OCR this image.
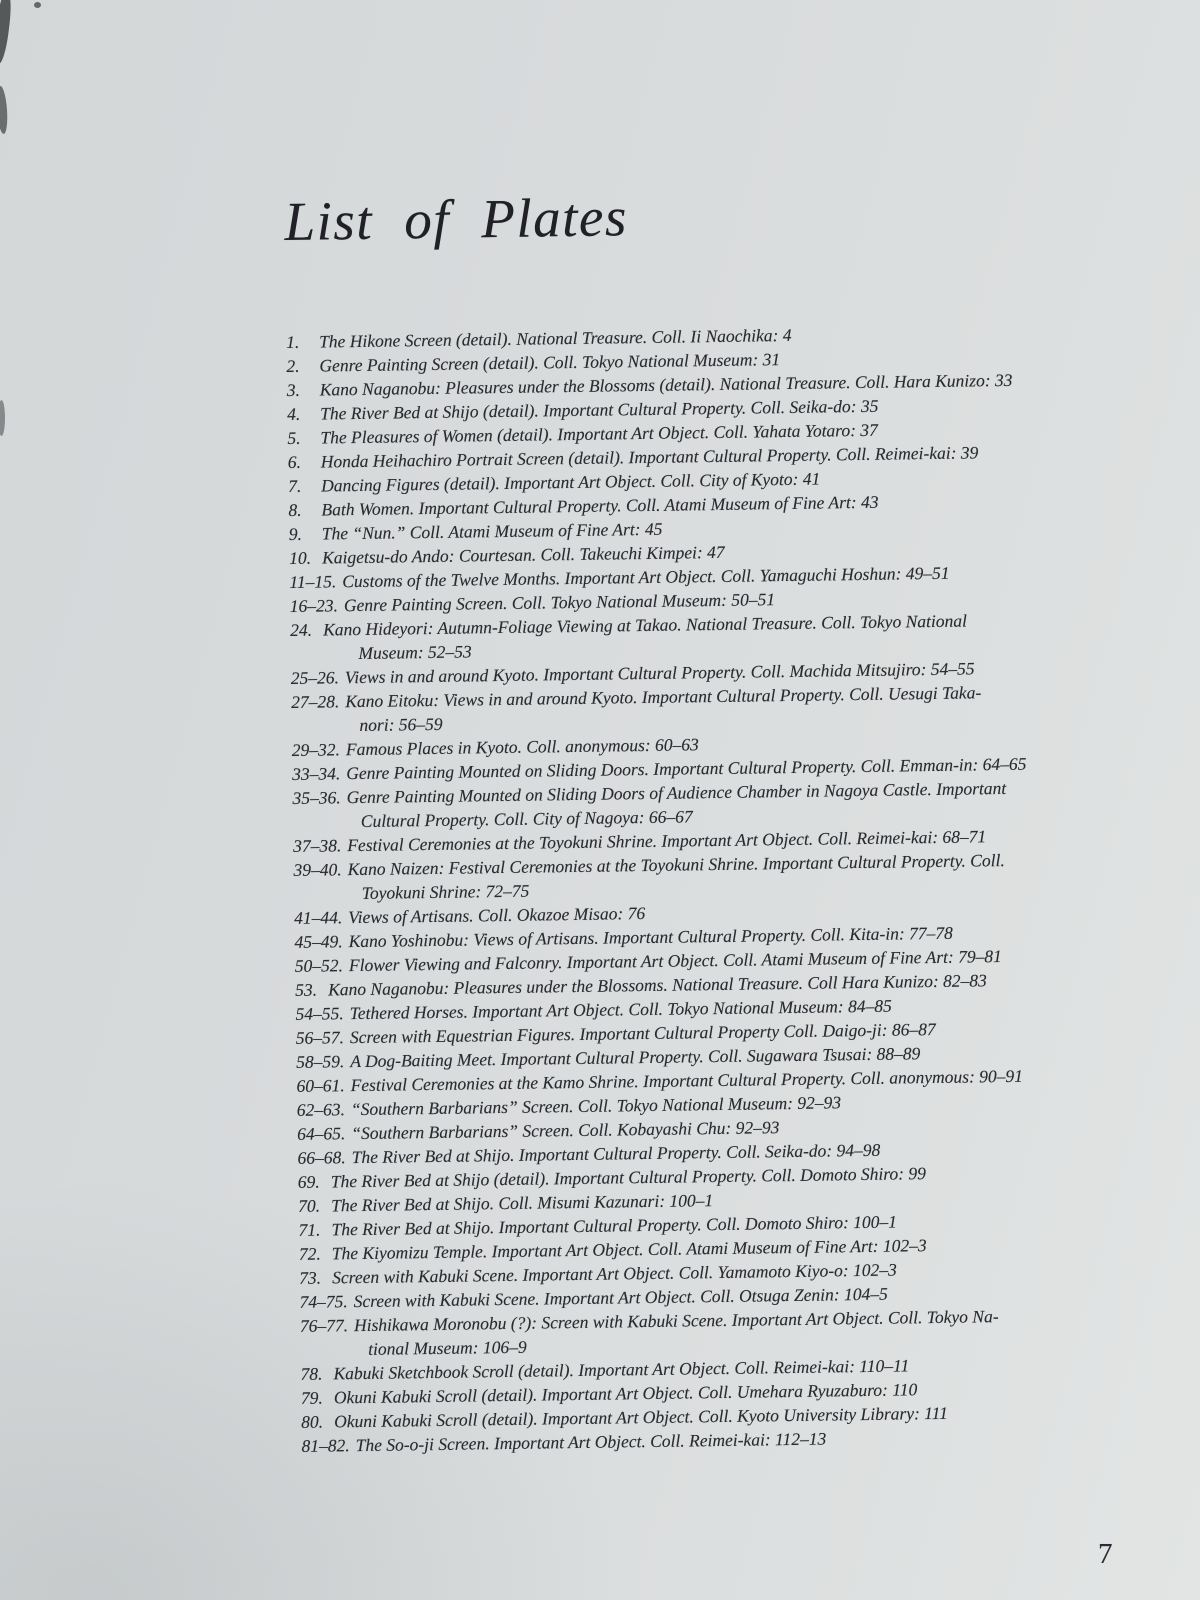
List of Plates
1. The Hikone Screen (detail). National Treasure. Coll. Ii Naochika: 4
2. Genre Painting Screen (detail). Coll. Tokyo National Museum: 31
3. Kano Naganobu: Pleasures under the Blossoms (detail). National Treasure. Coll. Hara Kunizo: 33
4. The River Bed at Shijo (detail). Important Cultural Property. Coll. Seika-do: 35
5. The Pleasures of Women (detail). Important Art Object. Coll. Yahata Yotaro: 37
6. Honda Heihachiro Portrait Screen (detail). Important Cultural Property. Coll. Reimei-kai: 39
7. Dancing Figures (detail). Important Art Object. Coll. City of Kyoto: 41
8. Bath Women. Important Cultural Property. Coll. Atami Museum of Fine Art: 43
9. The “Nun.” Coll. Atami Museum of Fine Art: 45
10. Kaigetsu-do Ando: Courtesan. Coll. Takeuchi Kimpei: 47
11–15. Customs of the Twelve Months. Important Art Object. Coll. Yamaguchi Hoshun: 49–51
16–23. Genre Painting Screen. Coll. Tokyo National Museum: 50–51
24. Kano Hideyori: Autumn-Foliage Viewing at Takao. National Treasure. Coll. Tokyo National
Museum: 52–53
25–26. Views in and around Kyoto. Important Cultural Property. Coll. Machida Mitsujiro: 54–55
27–28. Kano Eitoku: Views in and around Kyoto. Important Cultural Property. Coll. Uesugi Taka-
nori: 56–59
29–32. Famous Places in Kyoto. Coll. anonymous: 60–63
33–34. Genre Painting Mounted on Sliding Doors. Important Cultural Property. Coll. Emman-in: 64–65
35–36. Genre Painting Mounted on Sliding Doors of Audience Chamber in Nagoya Castle. Important
Cultural Property. Coll. City of Nagoya: 66–67
37–38. Festival Ceremonies at the Toyokuni Shrine. Important Art Object. Coll. Reimei-kai: 68–71
39–40. Kano Naizen: Festival Ceremonies at the Toyokuni Shrine. Important Cultural Property. Coll.
Toyokuni Shrine: 72–75
41–44. Views of Artisans. Coll. Okazoe Misao: 76
45–49. Kano Yoshinobu: Views of Artisans. Important Cultural Property. Coll. Kita-in: 77–78
50–52. Flower Viewing and Falconry. Important Art Object. Coll. Atami Museum of Fine Art: 79–81
53. Kano Naganobu: Pleasures under the Blossoms. National Treasure. Coll Hara Kunizo: 82–83
54–55. Tethered Horses. Important Art Object. Coll. Tokyo National Museum: 84–85
56–57. Screen with Equestrian Figures. Important Cultural Property Coll. Daigo-ji: 86–87
58–59. A Dog-Baiting Meet. Important Cultural Property. Coll. Sugawara Tsusai: 88–89
60–61. Festival Ceremonies at the Kamo Shrine. Important Cultural Property. Coll. anonymous: 90–91
62–63. “Southern Barbarians” Screen. Coll. Tokyo National Museum: 92–93
64–65. “Southern Barbarians” Screen. Coll. Kobayashi Chu: 92–93
66–68. The River Bed at Shijo. Important Cultural Property. Coll. Seika-do: 94–98
69. The River Bed at Shijo (detail). Important Cultural Property. Coll. Domoto Shiro: 99
70. The River Bed at Shijo. Coll. Misumi Kazunari: 100–1
71. The River Bed at Shijo. Important Cultural Property. Coll. Domoto Shiro: 100–1
72. The Kiyomizu Temple. Important Art Object. Coll. Atami Museum of Fine Art: 102–3
73. Screen with Kabuki Scene. Important Art Object. Coll. Yamamoto Kiyo-o: 102–3
74–75. Screen with Kabuki Scene. Important Art Object. Coll. Otsuga Zenin: 104–5
76–77. Hishikawa Moronobu (?): Screen with Kabuki Scene. Important Art Object. Coll. Tokyo Na-
tional Museum: 106–9
78. Kabuki Sketchbook Scroll (detail). Important Art Object. Coll. Reimei-kai: 110–11
79. Okuni Kabuki Scroll (detail). Important Art Object. Coll. Umehara Ryuzaburo: 110
80. Okuni Kabuki Scroll (detail). Important Art Object. Coll. Kyoto University Library: 111
81–82. The So-o-ji Screen. Important Art Object. Coll. Reimei-kai: 112–13
7
